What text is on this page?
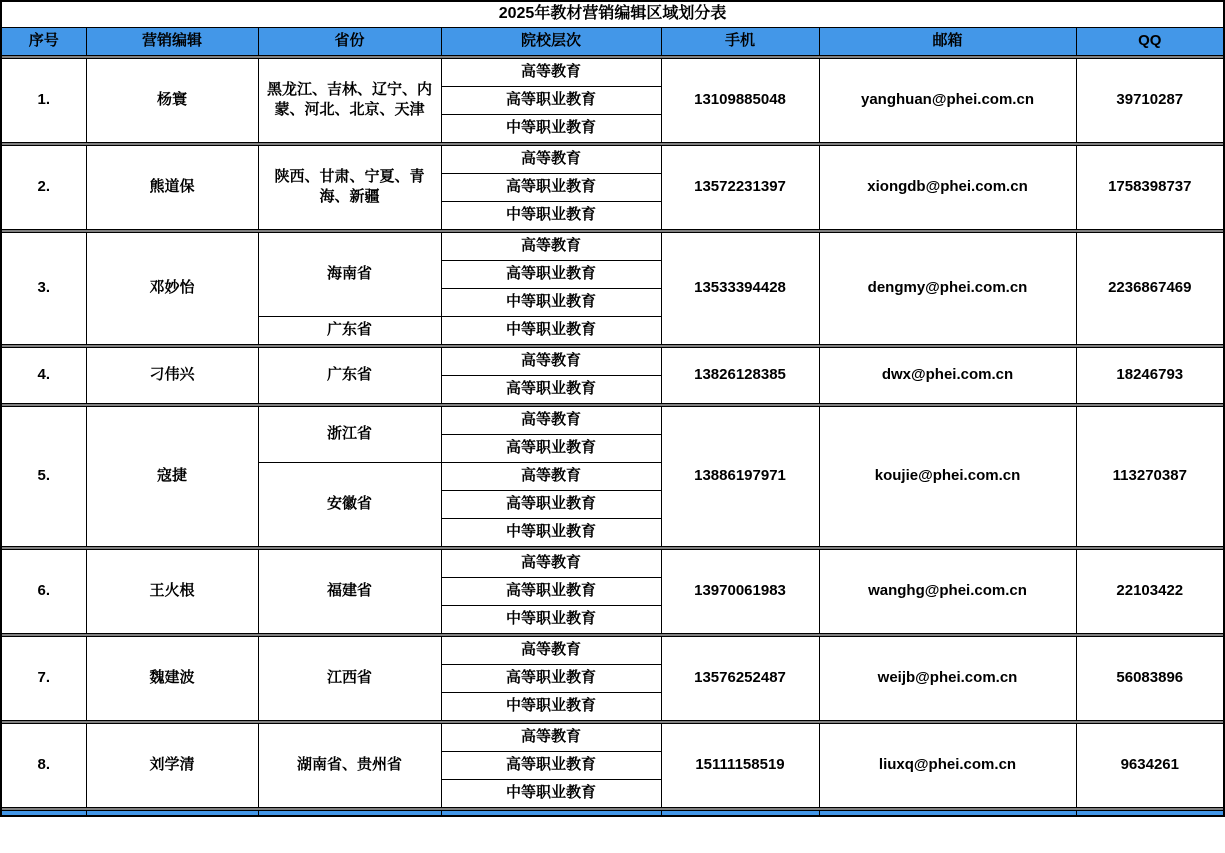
2025年教材营销编辑区域划分表						
序号	营销编辑	省份	院校层次	手机	邮箱	QQ

1.	杨寰	黑龙江、吉林、辽宁、内蒙、河北、北京、天津	高等教育	13109885048	yanghuan@phei.com.cn	39710287
			高等职业教育			
			中等职业教育			

2.	熊道保	陕西、甘肃、宁夏、青海、新疆	高等教育	13572231397	xiongdb@phei.com.cn	1758398737
			高等职业教育			
			中等职业教育			

3.	邓妙怡	海南省	高等教育	13533394428	dengmy@phei.com.cn	2236867469
			高等职业教育			
			中等职业教育			
		广东省	中等职业教育			

4.	刁伟兴	广东省	高等教育	13826128385	dwx@phei.com.cn	18246793
			高等职业教育			

5.	寇捷	浙江省	高等教育	13886197971	koujie@phei.com.cn	113270387
			高等职业教育			
		安徽省	高等教育			
			高等职业教育			
			中等职业教育			

6.	王火根	福建省	高等教育	13970061983	wanghg@phei.com.cn	22103422
			高等职业教育			
			中等职业教育			

7.	魏建波	江西省	高等教育	13576252487	weijb@phei.com.cn	56083896
			高等职业教育			
			中等职业教育			

8.	刘学清	湖南省、贵州省	高等教育	15111158519	liuxq@phei.com.cn	9634261
			高等职业教育			
			中等职业教育			
